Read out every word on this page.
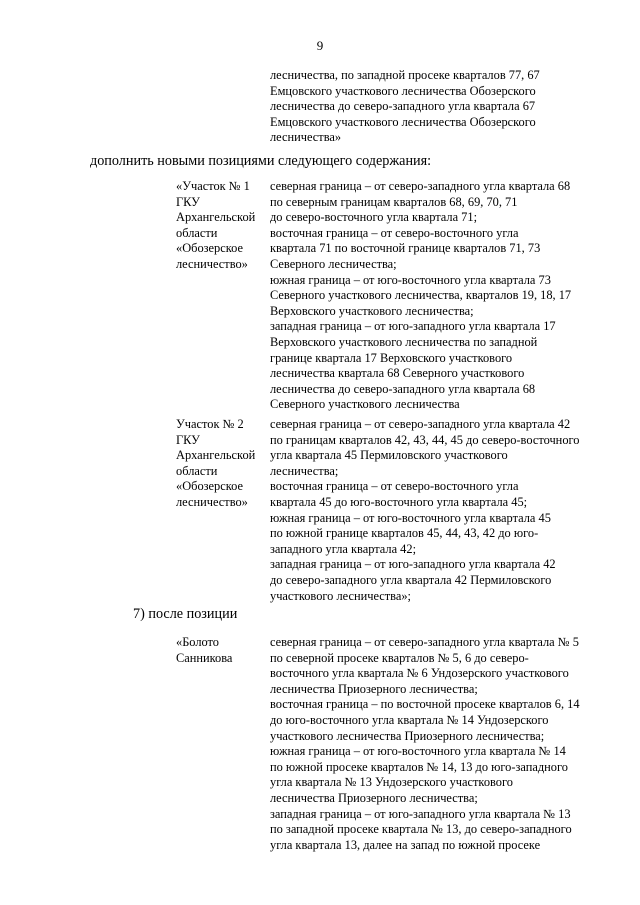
9
лесничества, по западной просеке кварталов 77, 67
Емцовского участкового лесничества Обозерского
лесничества до северо-западного угла квартала 67
Емцовского участкового лесничества Обозерского
лесничества»
дополнить новыми позициями следующего содержания:
«Участок № 1
ГКУ
Архангельской
области
«Обозерское
лесничество»
северная граница – от северо-западного угла квартала 68
по северным границам кварталов 68, 69, 70, 71
до северо-восточного угла квартала 71;
восточная граница – от северо-восточного угла
квартала 71 по восточной границе кварталов 71, 73
Северного лесничества;
южная граница – от юго-восточного угла квартала 73
Северного участкового лесничества, кварталов 19, 18, 17
Верховского участкового лесничества;
западная граница – от юго-западного угла квартала 17
Верховского участкового лесничества по западной
границе квартала 17 Верховского участкового
лесничества квартала 68 Северного участкового
лесничества до северо-западного угла квартала 68
Северного участкового лесничества
Участок № 2
ГКУ
Архангельской
области
«Обозерское
лесничество»
северная граница – от северо-западного угла квартала 42
по границам кварталов 42, 43, 44, 45 до северо-восточного
угла квартала 45 Пермиловского участкового
лесничества;
восточная граница – от северо-восточного угла
квартала 45 до юго-восточного угла квартала 45;
южная граница – от юго-восточного угла квартала 45
по южной границе кварталов 45, 44, 43, 42 до юго-
западного угла квартала 42;
западная граница – от юго-западного угла квартала 42
до северо-западного угла квартала 42 Пермиловского
участкового лесничества»;
7) после позиции
«Болото
Санникова
северная граница – от северо-западного угла квартала № 5
по северной просеке кварталов № 5, 6 до северо-
восточного угла квартала № 6 Ундозерского участкового
лесничества Приозерного лесничества;
восточная граница – по восточной просеке кварталов 6, 14
до юго-восточного угла квартала № 14 Ундозерского
участкового лесничества Приозерного лесничества;
южная граница – от юго-восточного угла квартала № 14
по южной просеке кварталов № 14, 13 до юго-западного
угла квартала № 13 Ундозерского участкового
лесничества Приозерного лесничества;
западная граница – от юго-западного угла квартала № 13
по западной просеке квартала № 13, до северо-западного
угла квартала 13, далее на запад по южной просеке
